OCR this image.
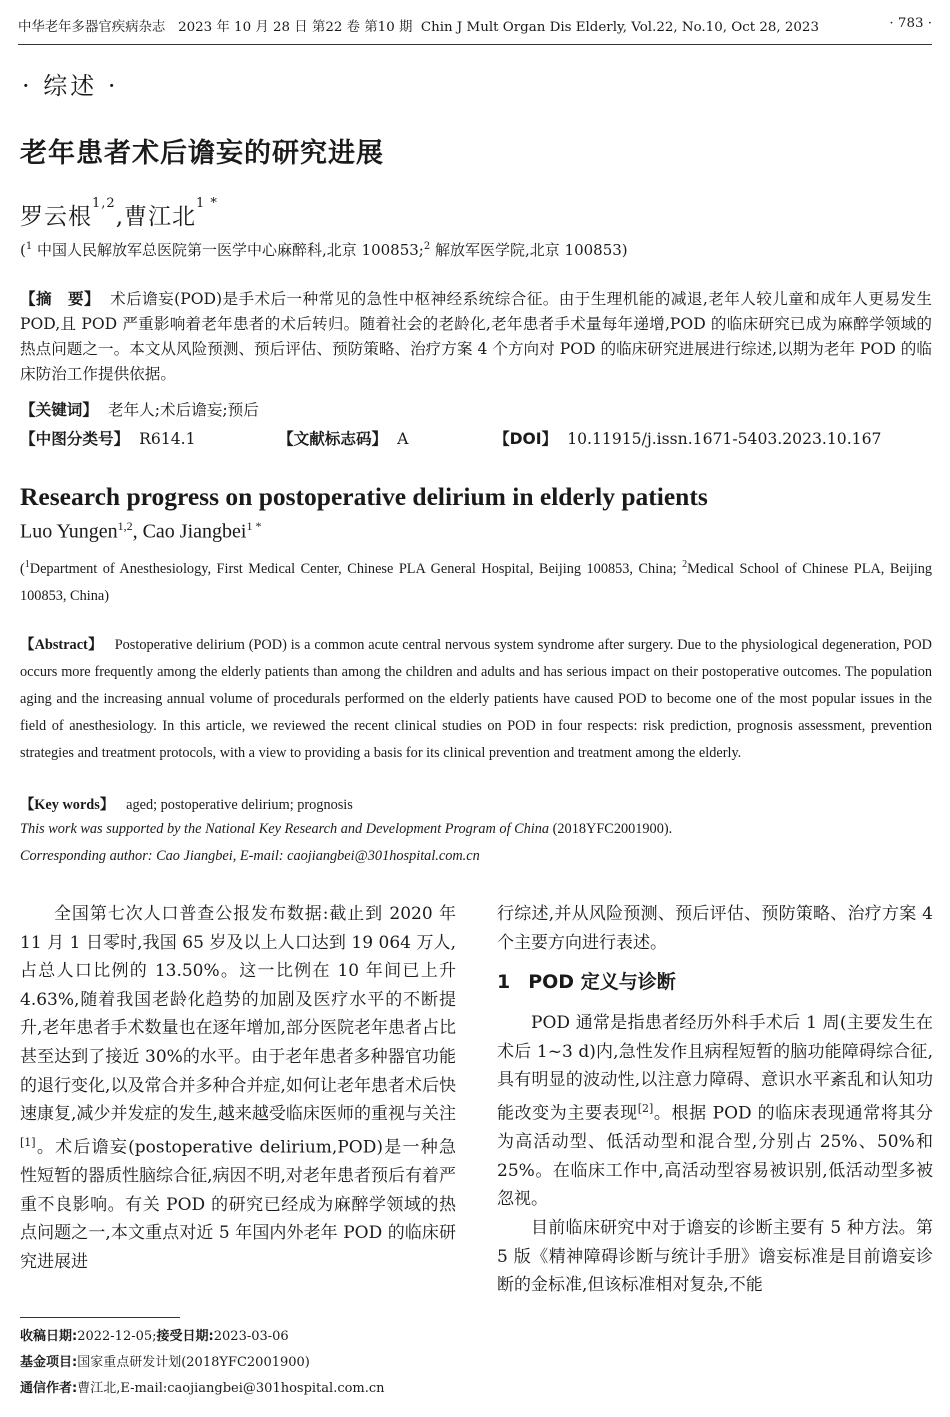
中华老年多器官疾病杂志 2023 年 10 月 28 日 第22 卷 第10 期 Chin J Mult Organ Dis Elderly, Vol.22, No.10, Oct 28, 2023	· 783 ·
· 综述 ·
老年患者术后谵妄的研究进展
罗云根$^{1,2}$,曹江北$^{1 *}$
($^1$ 中国人民解放军总医院第一医学中心麻醉科,北京 100853;$^2$ 解放军医学院,北京 100853)
【摘　要】 术后谵妄(POD)是手术后一种常见的急性中枢神经系统综合征。由于生理机能的减退,老年人较儿童和成年人更易发生 POD,且 POD 严重影响着老年患者的术后转归。随着社会的老龄化,老年患者手术量每年递增,POD 的临床研究已成为麻醉学领域的热点问题之一。本文从风险预测、预后评估、预防策略、治疗方案 4 个方向对 POD 的临床研究进展进行综述,以期为老年 POD 的临床防治工作提供依据。
【关键词】 老年人;术后谵妄;预后
【中图分类号】 R614.1	【文献标志码】 A	【DOI】 10.11915/j.issn.1671-5403.2023.10.167
Research progress on postoperative delirium in elderly patients
Luo Yungen$^{1,2}$, Cao Jiangbei$^{1 *}$
($^1$Department of Anesthesiology, First Medical Center, Chinese PLA General Hospital, Beijing 100853, China; $^2$Medical School of Chinese PLA, Beijing 100853, China)
【Abstract】 Postoperative delirium (POD) is a common acute central nervous system syndrome after surgery. Due to the physiological degeneration, POD occurs more frequently among the elderly patients than among the children and adults and has serious impact on their postoperative outcomes. The population aging and the increasing annual volume of procedurals performed on the elderly patients have caused POD to become one of the most popular issues in the field of anesthesiology. In this article, we reviewed the recent clinical studies on POD in four respects: risk prediction, prognosis assessment, prevention strategies and treatment protocols, with a view to providing a basis for its clinical prevention and treatment among the elderly.
【Key words】 aged; postoperative delirium; prognosis
This work was supported by the National Key Research and Development Program of China (2018YFC2001900).
Corresponding author: Cao Jiangbei, E-mail: caojiangbei@301hospital.com.cn

全国第七次人口普查公报发布数据:截止到 2020 年 11 月 1 日零时,我国 65 岁及以上人口达到 19 064 万人,占总人口比例的 13.50%。这一比例在 10 年间已上升 4.63%,随着我国老龄化趋势的加剧及医疗水平的不断提升,老年患者手术数量也在逐年增加,部分医院老年患者占比甚至达到了接近 30%的水平。由于老年患者多种器官功能的退行变化,以及常合并多种合并症,如何让老年患者术后快速康复,减少并发症的发生,越来越受临床医师的重视与关注[1]。术后谵妄(postoperative delirium,POD)是一种急性短暂的器质性脑综合征,病因不明,对老年患者预后有着严重不良影响。有关 POD 的研究已经成为麻醉学领域的热点问题之一,本文重点对近 5 年国内外老年 POD 的临床研究进展进

行综述,并从风险预测、预后评估、预防策略、治疗方案 4 个主要方向进行表述。

1 POD 定义与诊断

POD 通常是指患者经历外科手术后 1 周(主要发生在术后 1~3 d)内,急性发作且病程短暂的脑功能障碍综合征,具有明显的波动性,以注意力障碍、意识水平紊乱和认知功能改变为主要表现[2]。根据 POD 的临床表现通常将其分为高活动型、低活动型和混合型,分别占 25%、50%和 25%。在临床工作中,高活动型容易被识别,低活动型多被忽视。

目前临床研究中对于谵妄的诊断主要有 5 种方法。第 5 版《精神障碍诊断与统计手册》谵妄标准是目前谵妄诊断的金标准,但该标准相对复杂,不能

收稿日期:2022-12-05;接受日期:2023-03-06
基金项目:国家重点研发计划(2018YFC2001900)
通信作者:曹江北,E-mail:caojiangbei@301hospital.com.cn
